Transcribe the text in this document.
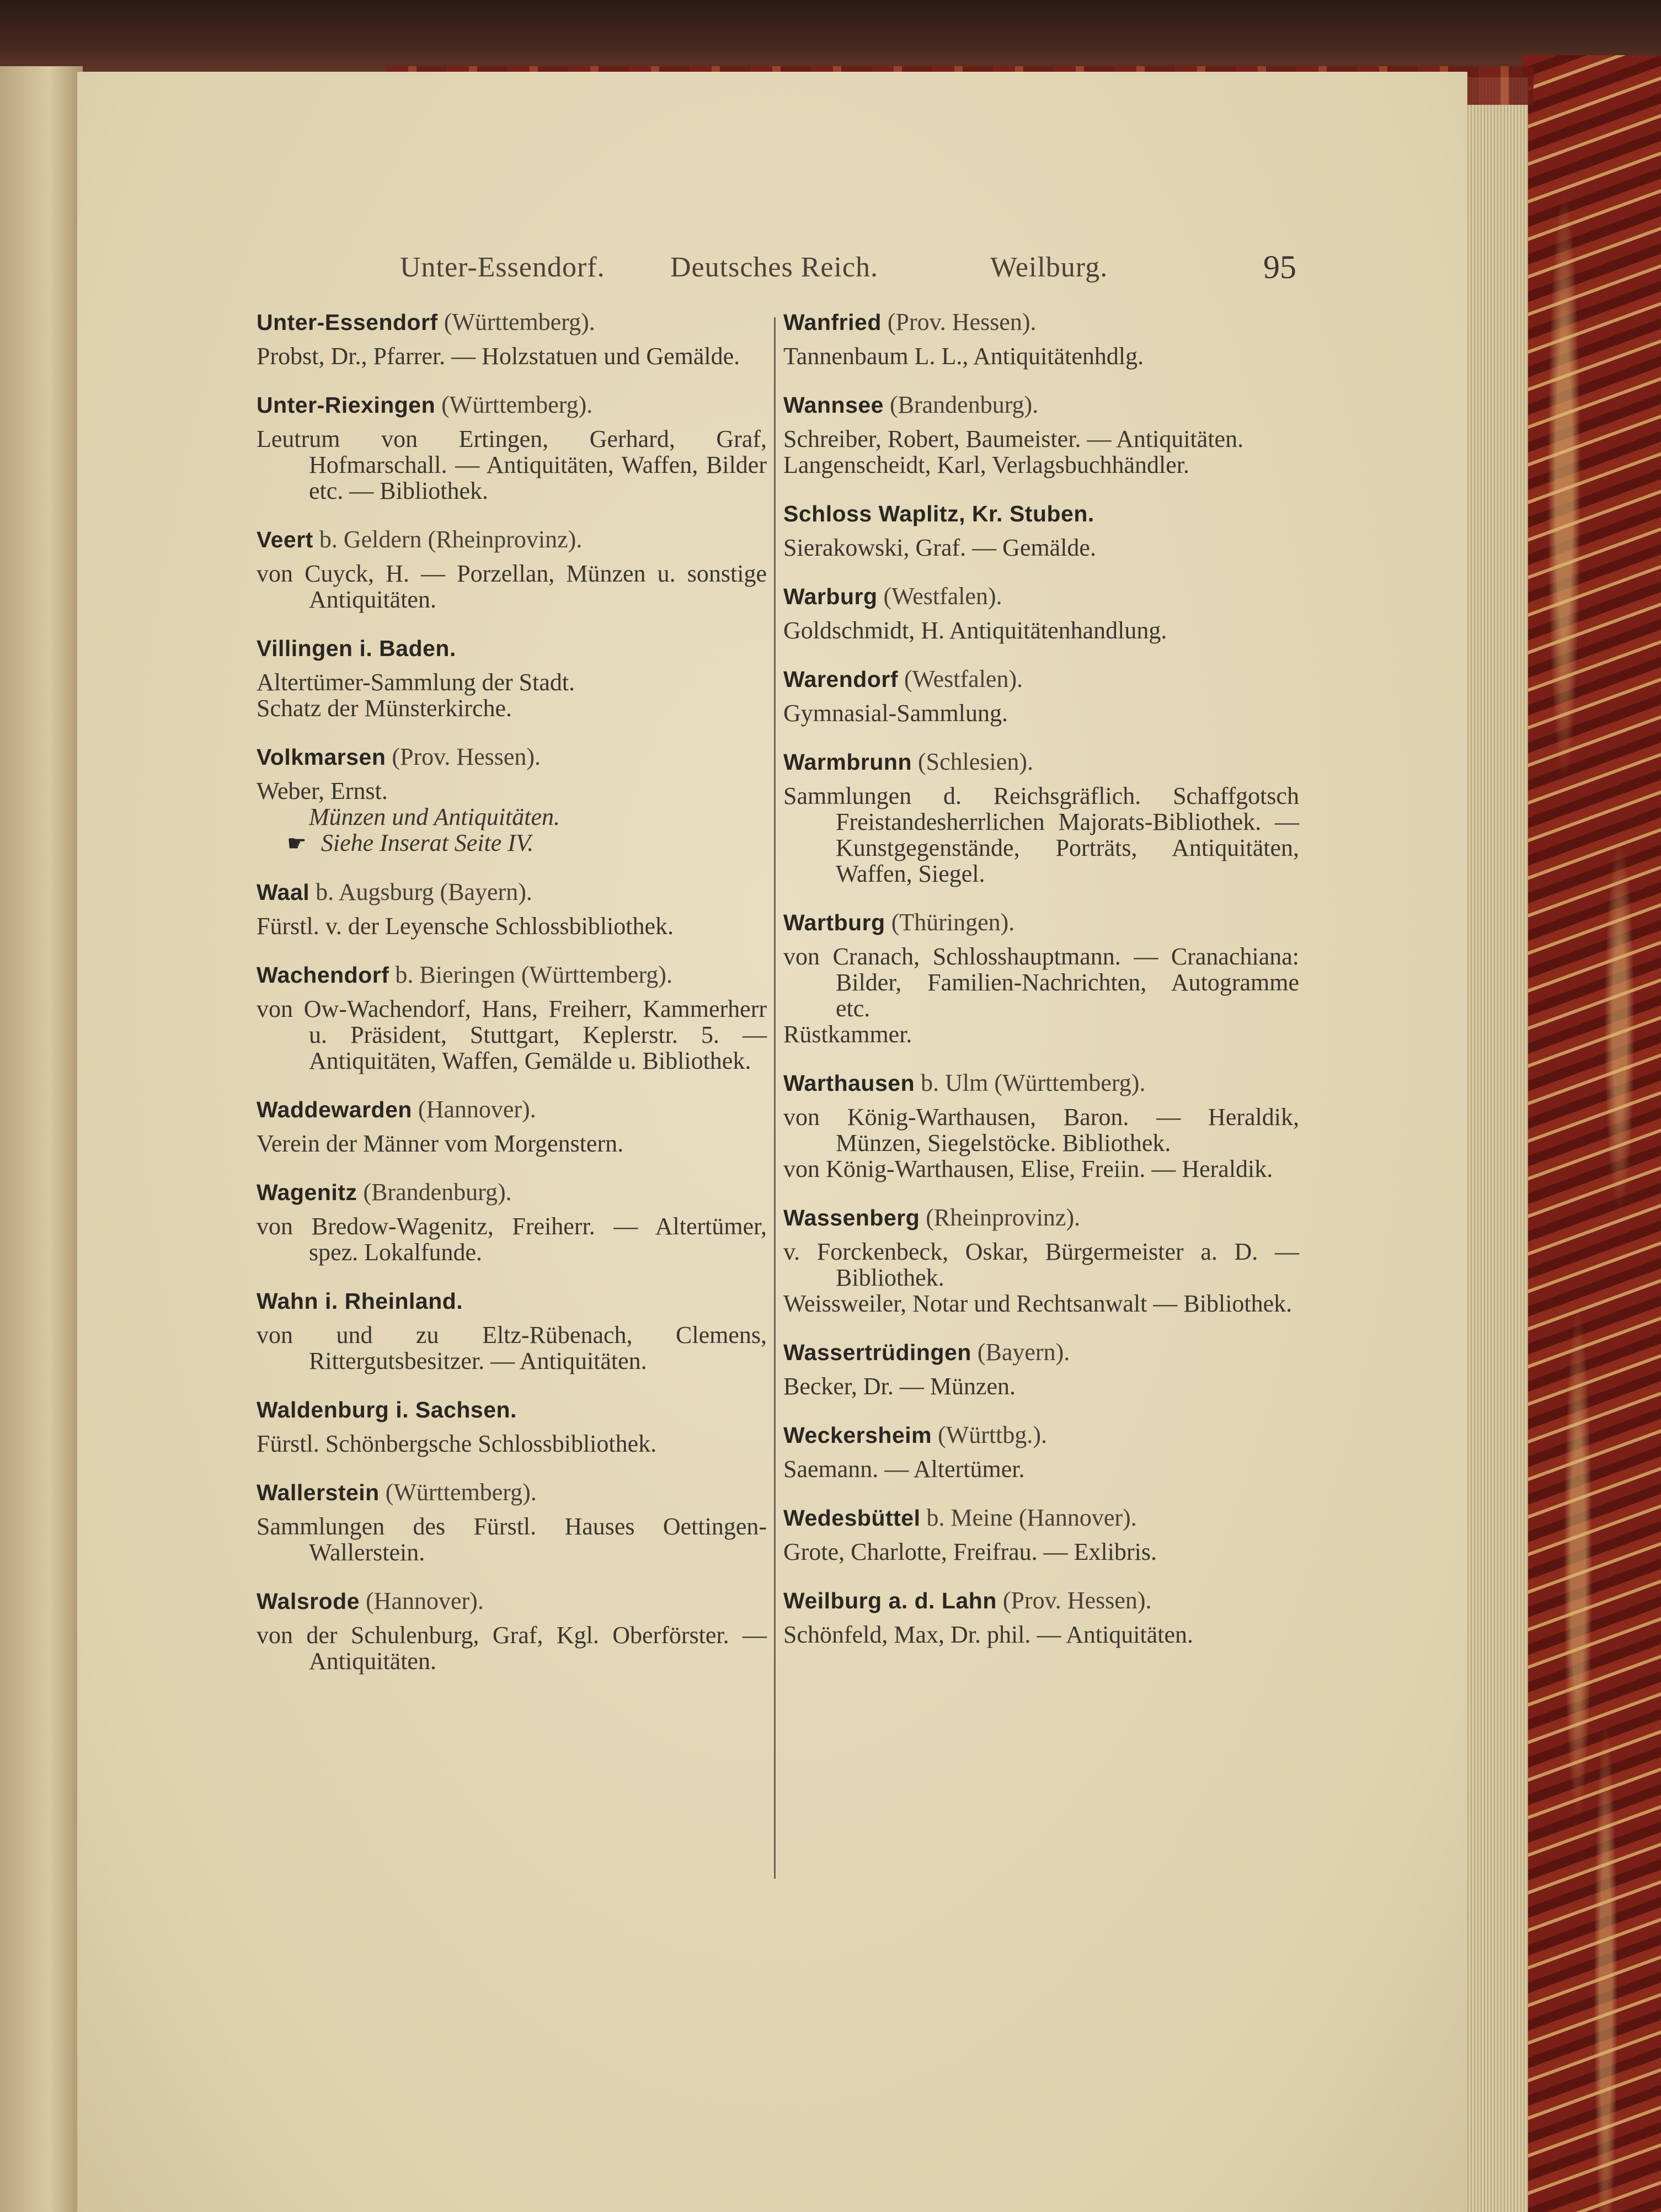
Unter-Essendorf. Deutsches Reich.	Weilburg.	95
Unter-Essendorf (Württemberg).
Probst, Dr., Pfarrer. — Holzstatuen und Gemälde.
Unter-Riexingen (Württemberg).
Leutrum von Ertingen, Gerhard, Graf, Hofmarschall. — Antiquitäten, Waffen, Bilder etc. — Bibliothek.
Veert b. Geldern (Rheinprovinz).
von Cuyck, H. — Porzellan, Münzen u. sonstige Antiquitäten.
Villingen i. Baden.
Altertümer-Sammlung der Stadt.
Schatz der Münsterkirche.
Volkmarsen (Prov. Hessen).
Weber, Ernst.
Münzen und Antiquitäten.
☛ Siehe Inserat Seite IV.
Waal b. Augsburg (Bayern).
Fürstl. v. der Leyensche Schlossbibliothek.
Wachendorf b. Bieringen (Württemberg).
von Ow-Wachendorf, Hans, Freiherr, Kammerherr u. Präsident, Stuttgart, Keplerstr. 5. — Antiquitäten, Waffen, Gemälde u. Bibliothek.
Waddewarden (Hannover).
Verein der Männer vom Morgenstern.
Wagenitz (Brandenburg).
von Bredow-Wagenitz, Freiherr. — Altertümer, spez. Lokalfunde.
Wahn i. Rheinland.
von und zu Eltz-Rübenach, Clemens, Rittergutsbesitzer. — Antiquitäten.
Waldenburg i. Sachsen.
Fürstl. Schönbergsche Schlossbibliothek.
Wallerstein (Württemberg).
Sammlungen des Fürstl. Hauses Oettingen-Wallerstein.
Walsrode (Hannover).
von der Schulenburg, Graf, Kgl. Oberförster. — Antiquitäten.
Wanfried (Prov. Hessen).
Tannenbaum L. L., Antiquitätenhdlg.
Wannsee (Brandenburg).
Schreiber, Robert, Baumeister. — Antiquitäten.
Langenscheidt, Karl, Verlagsbuchhändler.
Schloss Waplitz, Kr. Stuben.
Sierakowski, Graf. — Gemälde.
Warburg (Westfalen).
Goldschmidt, H. Antiquitätenhandlung.
Warendorf (Westfalen).
Gymnasial-Sammlung.
Warmbrunn (Schlesien).
Sammlungen d. Reichsgräflich. Schaffgotsch Freistandesherrlichen Majorats-Bibliothek. — Kunstgegenstände, Porträts, Antiquitäten, Waffen, Siegel.
Wartburg (Thüringen).
von Cranach, Schlosshauptmann. — Cranachiana: Bilder, Familien-Nachrichten, Autogramme etc.
Rüstkammer.
Warthausen b. Ulm (Württemberg).
von König-Warthausen, Baron. — Heraldik, Münzen, Siegelstöcke. Bibliothek.
von König-Warthausen, Elise, Freiin. — Heraldik.
Wassenberg (Rheinprovinz).
v. Forckenbeck, Oskar, Bürgermeister a. D. — Bibliothek.
Weissweiler, Notar und Rechtsanwalt — Bibliothek.
Wassertrüdingen (Bayern).
Becker, Dr. — Münzen.
Weckersheim (Württbg.).
Saemann. — Altertümer.
Wedesbüttel b. Meine (Hannover).
Grote, Charlotte, Freifrau. — Exlibris.
Weilburg a. d. Lahn (Prov. Hessen).
Schönfeld, Max, Dr. phil. — Antiquitäten.
